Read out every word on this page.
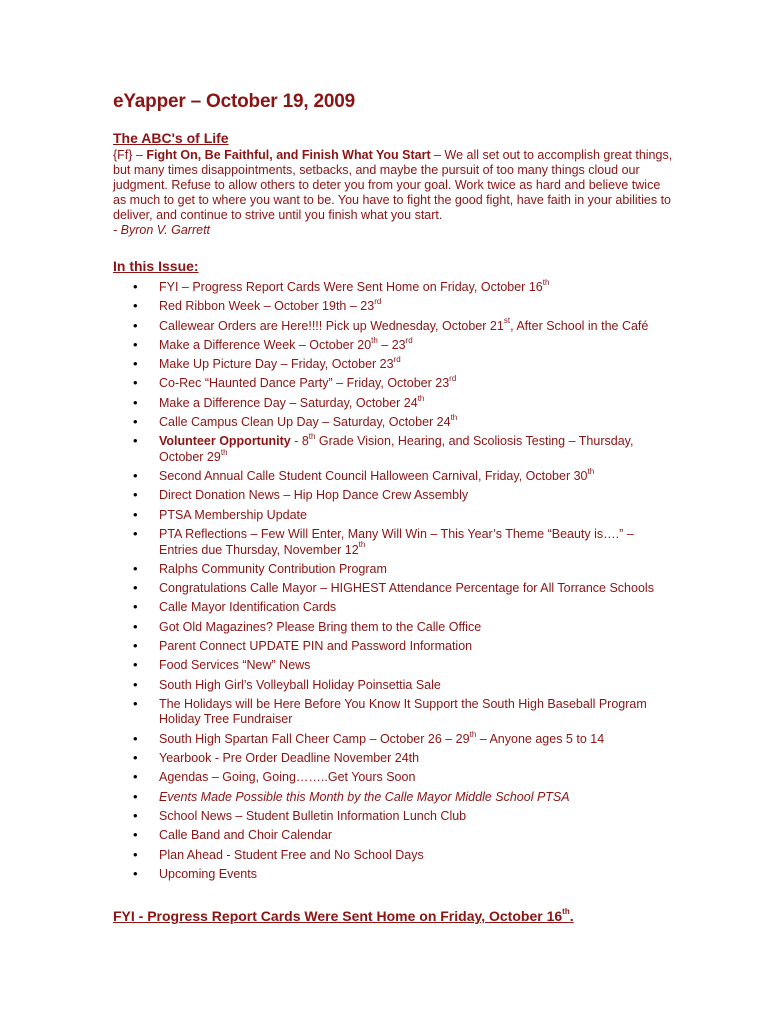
eYapper – October 19, 2009
The ABC's of Life

{Ff} – Fight On, Be Faithful, and Finish What You Start – We all set out to accomplish great things, but many times disappointments, setbacks, and maybe the pursuit of too many things cloud our judgment. Refuse to allow others to deter you from your goal. Work twice as hard and believe twice as much to get to where you want to be. You have to fight the good fight, have faith in your abilities to deliver, and continue to strive until you finish what you start.

- Byron V. Garrett

In this Issue:
• FYI – Progress Report Cards Were Sent Home on Friday, October 16th
• Red Ribbon Week – October 19th – 23rd
• Callewear Orders are Here!!!! Pick up Wednesday, October 21st, After School in the Café
• Make a Difference Week – October 20th – 23rd
• Make Up Picture Day – Friday, October 23rd
• Co-Rec “Haunted Dance Party” – Friday, October 23rd
• Make a Difference Day – Saturday, October 24th
• Calle Campus Clean Up Day – Saturday, October 24th
• Volunteer Opportunity - 8th Grade Vision, Hearing, and Scoliosis Testing – Thursday, October 29th
• Second Annual Calle Student Council Halloween Carnival, Friday, October 30th
• Direct Donation News – Hip Hop Dance Crew Assembly
• PTSA Membership Update
• PTA Reflections – Few Will Enter, Many Will Win – This Year’s Theme “Beauty is….” – Entries due Thursday, November 12th
• Ralphs Community Contribution Program
• Congratulations Calle Mayor – HIGHEST Attendance Percentage for All Torrance Schools
• Calle Mayor Identification Cards
• Got Old Magazines? Please Bring them to the Calle Office
• Parent Connect UPDATE PIN and Password Information
• Food Services “New” News
• South High Girl’s Volleyball Holiday Poinsettia Sale
• The Holidays will be Here Before You Know It Support the South High Baseball Program Holiday Tree Fundraiser
• South High Spartan Fall Cheer Camp – October 26 – 29th – Anyone ages 5 to 14
• Yearbook - Pre Order Deadline November 24th
• Agendas – Going, Going……..Get Yours Soon
• Events Made Possible this Month by the Calle Mayor Middle School PTSA
• School News – Student Bulletin Information Lunch Club
• Calle Band and Choir Calendar
• Plan Ahead - Student Free and No School Days
• Upcoming Events
FYI - Progress Report Cards Were Sent Home on Friday, October 16th.
